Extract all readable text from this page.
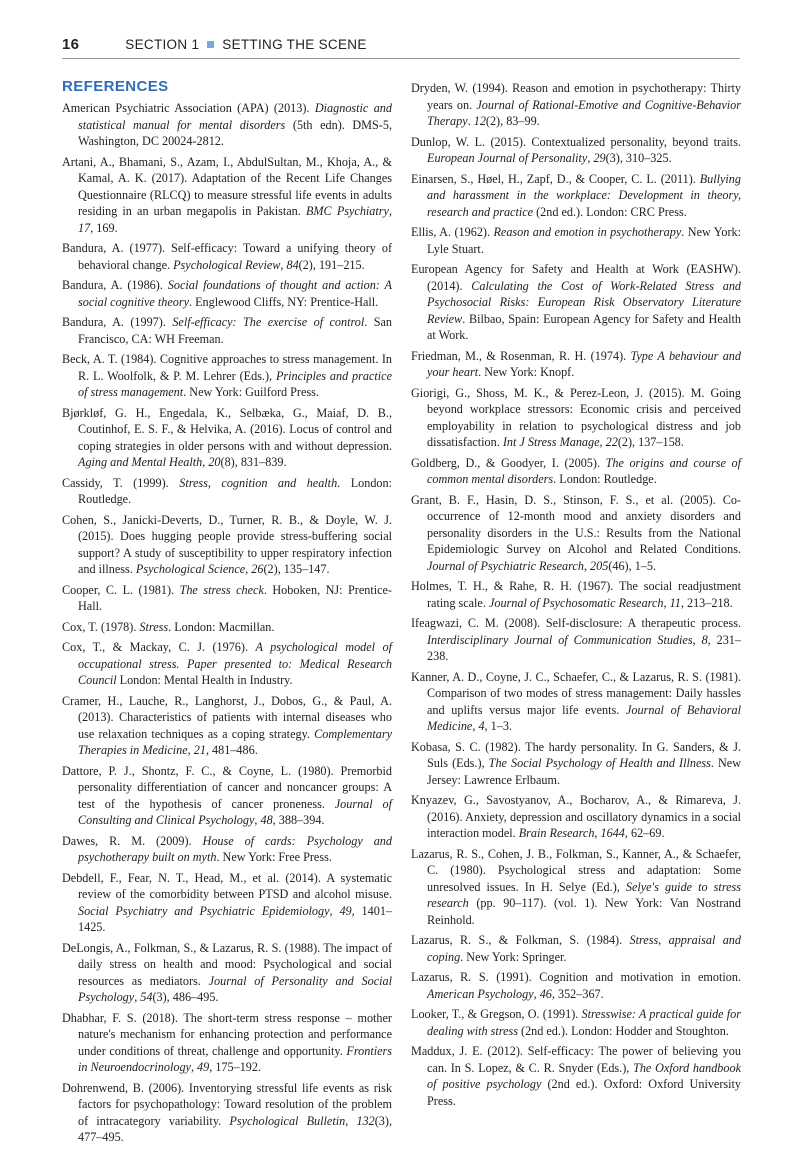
16	SECTION 1 SETTING THE SCENE
REFERENCES

American Psychiatric Association (APA) (2013). Diagnostic and statistical manual for mental disorders (5th edn). DMS-5, Washington, DC 20024-2812.

Artani, A., Bhamani, S., Azam, I., AbdulSultan, M., Khoja, A., & Kamal, A. K. (2017). Adaptation of the Recent Life Changes Questionnaire (RLCQ) to measure stressful life events in adults residing in an urban megapolis in Pakistan. BMC Psychiatry, 17, 169.

Bandura, A. (1977). Self-efficacy: Toward a unifying theory of behavioral change. Psychological Review, 84(2), 191–215.

Bandura, A. (1986). Social foundations of thought and action: A social cognitive theory. Englewood Cliffs, NY: Prentice-Hall.

Bandura, A. (1997). Self-efficacy: The exercise of control. San Francisco, CA: WH Freeman.

Beck, A. T. (1984). Cognitive approaches to stress management. In R. L. Woolfolk, & P. M. Lehrer (Eds.), Principles and practice of stress management. New York: Guilford Press.

Bjørkløf, G. H., Engedala, K., Selbæka, G., Maiaf, D. B., Coutinhof, E. S. F., & Helvika, A. (2016). Locus of control and coping strategies in older persons with and without depression. Aging and Mental Health, 20(8), 831–839.

Cassidy, T. (1999). Stress, cognition and health. London: Routledge.

Cohen, S., Janicki-Deverts, D., Turner, R. B., & Doyle, W. J. (2015). Does hugging people provide stress-buffering social support? A study of susceptibility to upper respiratory infection and illness. Psychological Science, 26(2), 135–147.

Cooper, C. L. (1981). The stress check. Hoboken, NJ: Prentice-Hall.

Cox, T. (1978). Stress. London: Macmillan.

Cox, T., & Mackay, C. J. (1976). A psychological model of occupational stress. Paper presented to: Medical Research Council London: Mental Health in Industry.

Cramer, H., Lauche, R., Langhorst, J., Dobos, G., & Paul, A. (2013). Characteristics of patients with internal diseases who use relaxation techniques as a coping strategy. Complementary Therapies in Medicine, 21, 481–486.

Dattore, P. J., Shontz, F. C., & Coyne, L. (1980). Premorbid personality differentiation of cancer and noncancer groups: A test of the hypothesis of cancer proneness. Journal of Consulting and Clinical Psychology, 48, 388–394.

Dawes, R. M. (2009). House of cards: Psychology and psychotherapy built on myth. New York: Free Press.

Debdell, F., Fear, N. T., Head, M., et al. (2014). A systematic review of the comorbidity between PTSD and alcohol misuse. Social Psychiatry and Psychiatric Epidemiology, 49, 1401–1425.

DeLongis, A., Folkman, S., & Lazarus, R. S. (1988). The impact of daily stress on health and mood: Psychological and social resources as mediators. Journal of Personality and Social Psychology, 54(3), 486–495.

Dhabhar, F. S. (2018). The short-term stress response – mother nature's mechanism for enhancing protection and performance under conditions of threat, challenge and opportunity. Frontiers in Neuroendocrinology, 49, 175–192.

Dohrenwend, B. (2006). Inventorying stressful life events as risk factors for psychopathology: Toward resolution of the problem of intracategory variability. Psychological Bulletin, 132(3), 477–495.

Dryden, W. (1994). Reason and emotion in psychotherapy: Thirty years on. Journal of Rational-Emotive and Cognitive-Behavior Therapy. 12(2), 83–99.

Dunlop, W. L. (2015). Contextualized personality, beyond traits. European Journal of Personality, 29(3), 310–325.

Einarsen, S., Høel, H., Zapf, D., & Cooper, C. L. (2011). Bullying and harassment in the workplace: Development in theory, research and practice (2nd ed.). London: CRC Press.

Ellis, A. (1962). Reason and emotion in psychotherapy. New York: Lyle Stuart.

European Agency for Safety and Health at Work (EASHW). (2014). Calculating the Cost of Work-Related Stress and Psychosocial Risks: European Risk Observatory Literature Review. Bilbao, Spain: European Agency for Safety and Health at Work.

Friedman, M., & Rosenman, R. H. (1974). Type A behaviour and your heart. New York: Knopf.

Giorigi, G., Shoss, M. K., & Perez-Leon, J. (2015). M. Going beyond workplace stressors: Economic crisis and perceived employability in relation to psychological distress and job dissatisfaction. Int J Stress Manage, 22(2), 137–158.

Goldberg, D., & Goodyer, I. (2005). The origins and course of common mental disorders. London: Routledge.

Grant, B. F., Hasin, D. S., Stinson, F. S., et al. (2005). Co-occurrence of 12-month mood and anxiety disorders and personality disorders in the U.S.: Results from the National Epidemiologic Survey on Alcohol and Related Conditions. Journal of Psychiatric Research, 205(46), 1–5.

Holmes, T. H., & Rahe, R. H. (1967). The social readjustment rating scale. Journal of Psychosomatic Research, 11, 213–218.

Ifeagwazi, C. M. (2008). Self-disclosure: A therapeutic process. Interdisciplinary Journal of Communication Studies, 8, 231–238.

Kanner, A. D., Coyne, J. C., Schaefer, C., & Lazarus, R. S. (1981). Comparison of two modes of stress management: Daily hassles and uplifts versus major life events. Journal of Behavioral Medicine, 4, 1–3.

Kobasa, S. C. (1982). The hardy personality. In G. Sanders, & J. Suls (Eds.), The Social Psychology of Health and Illness. New Jersey: Lawrence Erlbaum.

Knyazev, G., Savostyanov, A., Bocharov, A., & Rimareva, J. (2016). Anxiety, depression and oscillatory dynamics in a social interaction model. Brain Research, 1644, 62–69.

Lazarus, R. S., Cohen, J. B., Folkman, S., Kanner, A., & Schaefer, C. (1980). Psychological stress and adaptation: Some unresolved issues. In H. Selye (Ed.), Selye's guide to stress research (pp. 90–117). (vol. 1). New York: Van Nostrand Reinhold.

Lazarus, R. S., & Folkman, S. (1984). Stress, appraisal and coping. New York: Springer.

Lazarus, R. S. (1991). Cognition and motivation in emotion. American Psychology, 46, 352–367.

Looker, T., & Gregson, O. (1991). Stresswise: A practical guide for dealing with stress (2nd ed.). London: Hodder and Stoughton.

Maddux, J. E. (2012). Self-efficacy: The power of believing you can. In S. Lopez, & C. R. Snyder (Eds.), The Oxford handbook of positive psychology (2nd ed.). Oxford: Oxford University Press.
